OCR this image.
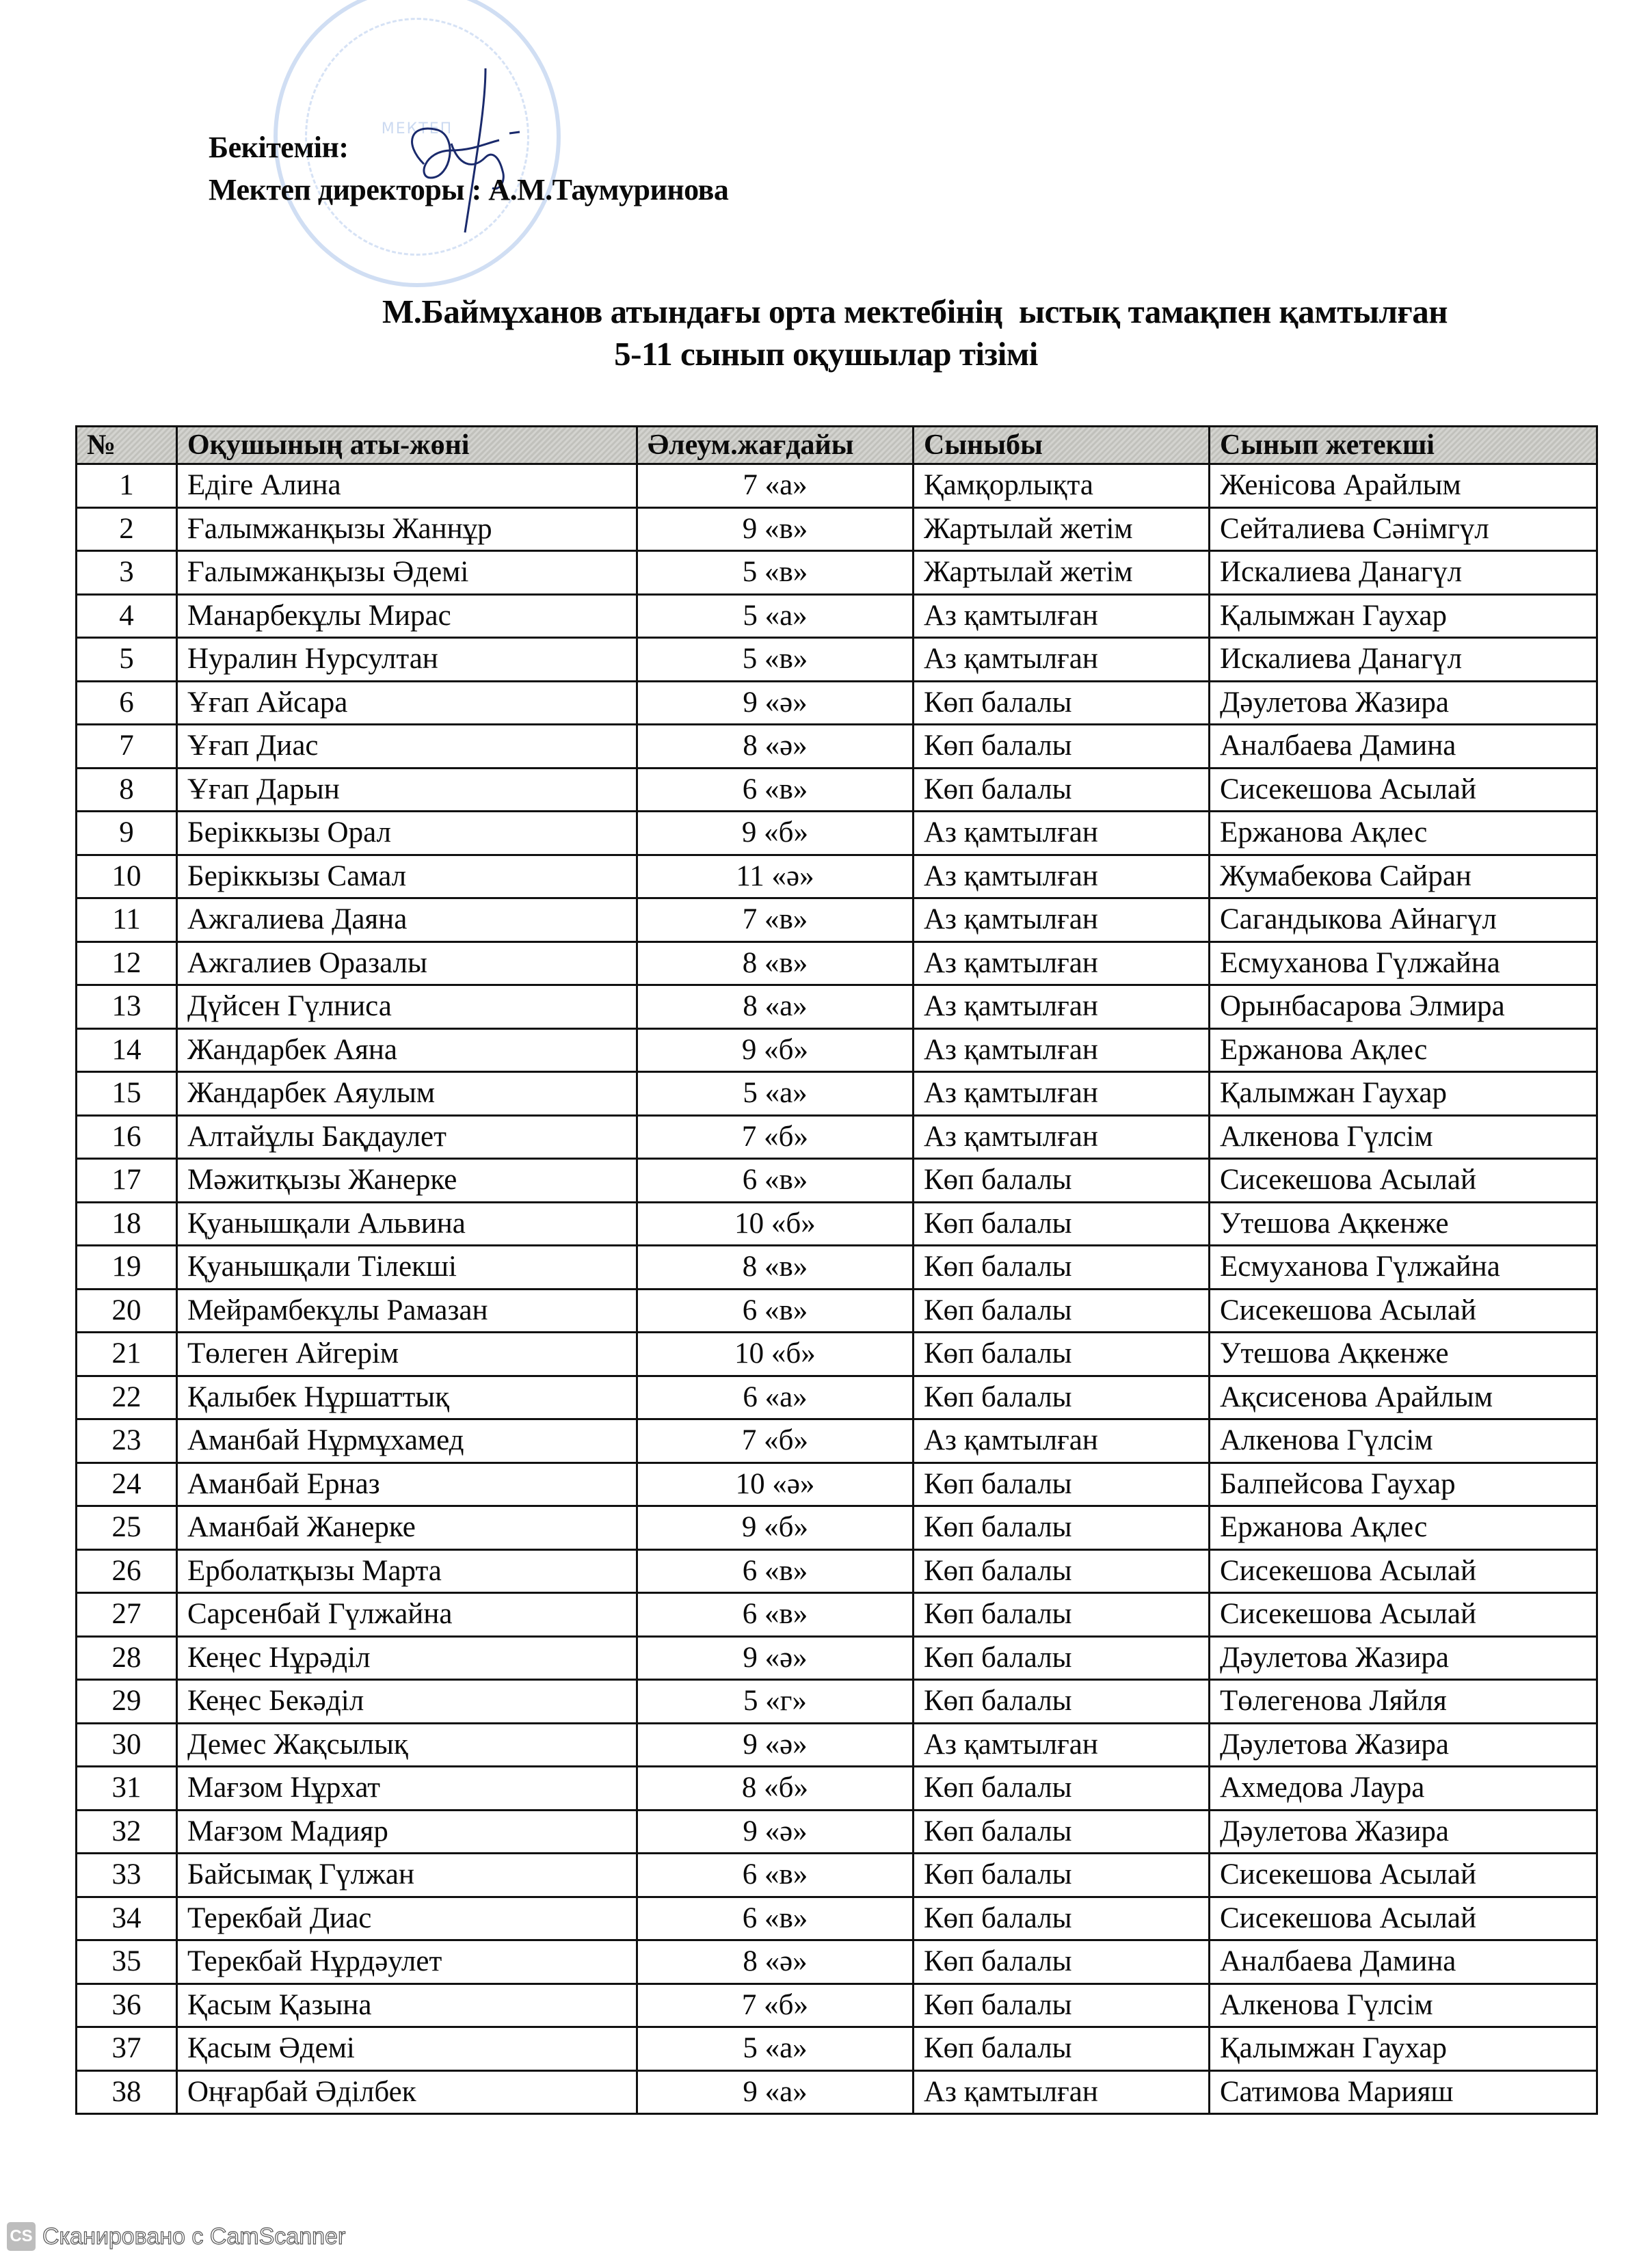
МЕКТЕП
Бекітемін:
Мектеп директоры : А.М.Таумуринова
М.Баймұханов атындағы орта мектебінің  ыстық тамақпен қамтылған
5-11 сынып оқушылар тізімі
№	Оқушының аты-жөні	Әлеум.жағдайы	Сыныбы	Сынып жетекші
1	Едіге Алина	7 «а»	Қамқорлықта	Женісова Арайлым
2	Ғалымжанқызы Жаннұр	9 «в»	Жартылай жетім	Сейталиева Сәнімгүл
3	Ғалымжанқызы Әдемі	5 «в»	Жартылай жетім	Искалиева Данагүл
4	Манарбекұлы Мирас	5 «а»	Аз қамтылған	Қалымжан Гаухар
5	Нуралин Нурсултан	5 «в»	Аз қамтылған	Искалиева Данагүл
6	Ұғап Айсара	9 «ә»	Көп балалы	Дәулетова Жазира
7	Ұғап Диас	8 «ә»	Көп балалы	Аналбаева Дамина
8	Ұғап Дарын	6 «в»	Көп балалы	Сисекешова Асылай
9	Беріккызы Орал	9 «б»	Аз қамтылған	Ержанова Ақлес
10	Беріккызы Самал	11 «ә»	Аз қамтылған	Жумабекова Сайран
11	Ажгалиева Даяна	7 «в»	Аз қамтылған	Сагандыкова Айнагүл
12	Ажгалиев Оразалы	8 «в»	Аз қамтылған	Есмуханова Гүлжайна
13	Дүйсен Гүлниса	8 «а»	Аз қамтылған	Орынбасарова Элмира
14	Жандарбек Аяна	9 «б»	Аз қамтылған	Ержанова Ақлес
15	Жандарбек Аяулым	5 «а»	Аз қамтылған	Қалымжан Гаухар
16	Алтайұлы Бақдаулет	7 «б»	Аз қамтылған	Алкенова Гүлсім
17	Мәжитқызы Жанерке	6 «в»	Көп балалы	Сисекешова Асылай
18	Қуанышқали Альвина	10 «б»	Көп балалы	Утешова Ақкенже
19	Қуанышқали Тілекші	8 «в»	Көп балалы	Есмуханова Гүлжайна
20	Мейрамбекұлы Рамазан	6 «в»	Көп балалы	Сисекешова Асылай
21	Төлеген Айгерім	10 «б»	Көп балалы	Утешова Ақкенже
22	Қалыбек Нұршаттық	6 «а»	Көп балалы	Ақсисенова Арайлым
23	Аманбай Нұрмұхамед	7 «б»	Аз қамтылған	Алкенова Гүлсім
24	Аманбай Ерназ	10 «ә»	Көп балалы	Балпейсова Гаухар
25	Аманбай Жанерке	9 «б»	Көп балалы	Ержанова Ақлес
26	Ерболатқызы Марта	6 «в»	Көп балалы	Сисекешова Асылай
27	Сарсенбай Гүлжайна	6 «в»	Көп балалы	Сисекешова Асылай
28	Кеңес Нұрәділ	9 «ә»	Көп балалы	Дәулетова Жазира
29	Кеңес Бекәділ	5 «г»	Көп балалы	Төлегенова Ляйля
30	Демес Жақсылық	9 «ә»	Аз қамтылған	Дәулетова Жазира
31	Мағзом Нұрхат	8 «б»	Көп балалы	Ахмедова Лаура
32	Мағзом Мадияр	9 «ә»	Көп балалы	Дәулетова Жазира
33	Байсымақ Гүлжан	6 «в»	Көп балалы	Сисекешова Асылай
34	Терекбай Диас	6 «в»	Көп балалы	Сисекешова Асылай
35	Терекбай Нұрдәулет	8 «ә»	Көп балалы	Аналбаева Дамина
36	Қасым Қазына	7 «б»	Көп балалы	Алкенова Гүлсім
37	Қасым Әдемі	5 «а»	Көп балалы	Қалымжан Гаухар
38	Оңғарбай Әділбек	9 «а»	Аз қамтылған	Сатимова Марияш
CS Сканировано с CamScanner
